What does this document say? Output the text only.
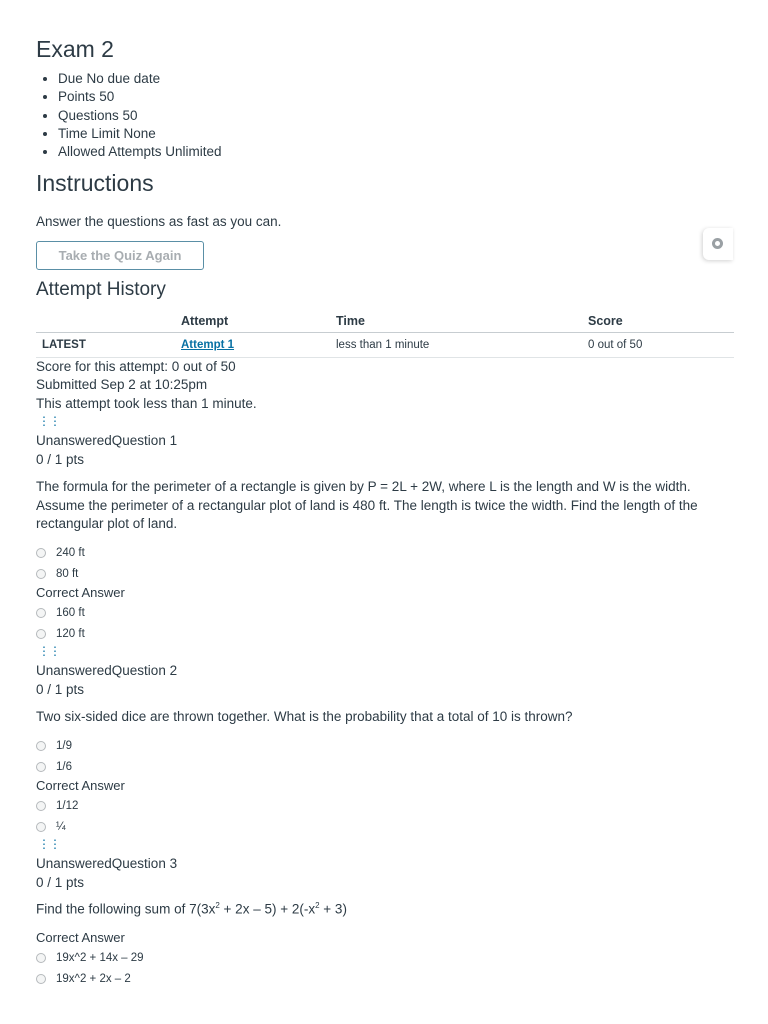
Exam 2
• Due No due date
• Points 50
• Questions 50
• Time Limit None
• Allowed Attempts Unlimited
Instructions
Answer the questions as fast as you can.
Take the Quiz Again
Attempt History
	Attempt	Time	Score
LATEST	Attempt 1	less than 1 minute	0 out of 50
Score for this attempt: 0 out of 50
Submitted Sep 2 at 10:25pm
This attempt took less than 1 minute.
⋮⋮
UnansweredQuestion 1
0 / 1 pts
The formula for the perimeter of a rectangle is given by P = 2L + 2W, where L is the length and W is the width. Assume the perimeter of a rectangular plot of land is 480 ft. The length is twice the width. Find the length of the rectangular plot of land.
240 ft
80 ft
Correct Answer
160 ft
120 ft
⋮⋮
UnansweredQuestion 2
0 / 1 pts
Two six-sided dice are thrown together. What is the probability that a total of 10 is thrown?
1/9
1/6
Correct Answer
1/12
¼
⋮⋮
UnansweredQuestion 3
0 / 1 pts
Find the following sum of $7(3x^2 + 2x - 5) + 2(-x^2 + 3)$
Correct Answer
19x^2 + 14x – 29
19x^2 + 2x – 2
